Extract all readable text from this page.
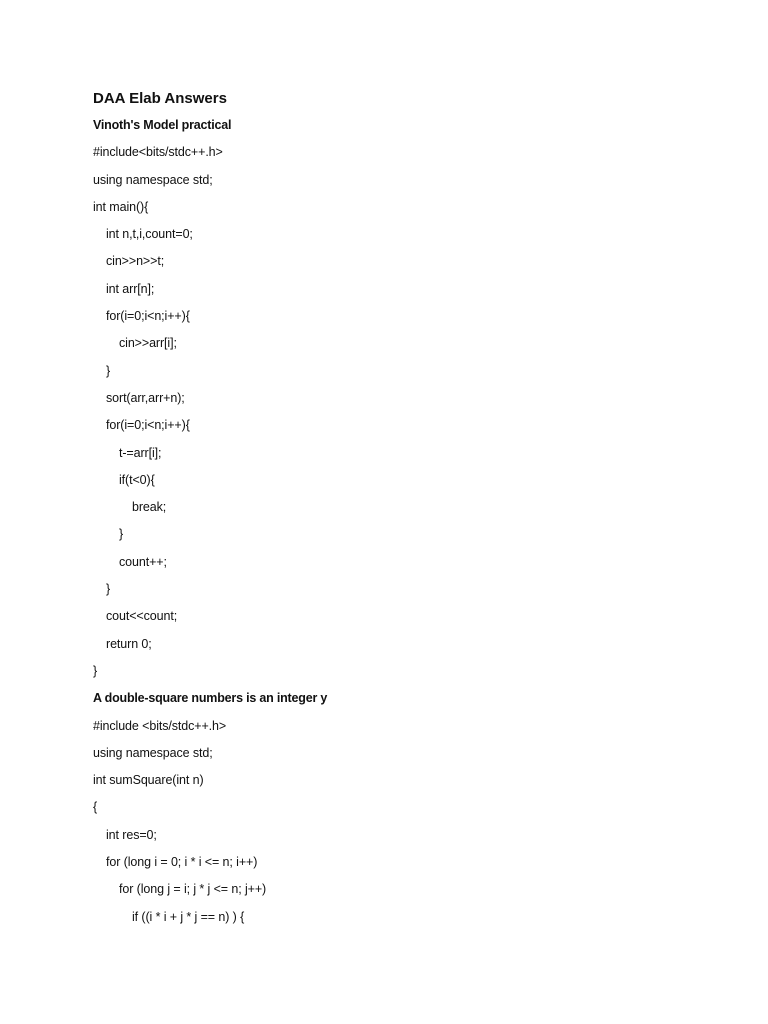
DAA Elab Answers
Vinoth's Model practical
#include<bits/stdc++.h>
using namespace std;
int main(){
int n,t,i,count=0;
cin>>n>>t;
int arr[n];
for(i=0;i<n;i++){
cin>>arr[i];
}
sort(arr,arr+n);
for(i=0;i<n;i++){
t-=arr[i];
if(t<0){
break;
}
count++;
}
cout<<count;
return 0;
}
A double-square numbers is an integer y
#include <bits/stdc++.h>
using namespace std;
int sumSquare(int n)
{
int res=0;
for (long i = 0; i * i <= n; i++)
for (long j = i; j * j <= n; j++)
if ((i * i + j * j == n) ) {
